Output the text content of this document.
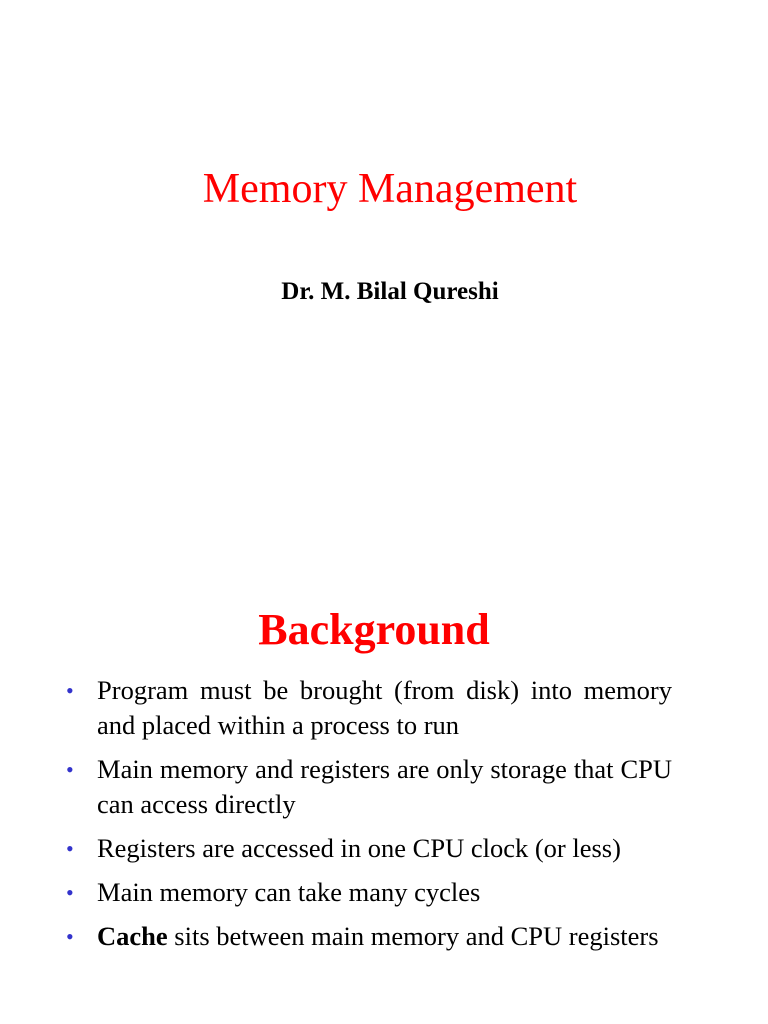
Memory Management

Dr. M. Bilal Qureshi

Background
• Program must be brought (from disk) into memory and placed within a process to run
• Main memory and registers are only storage that CPU can access directly
• Registers are accessed in one CPU clock (or less)
• Main memory can take many cycles
• Cache sits between main memory and CPU registers
